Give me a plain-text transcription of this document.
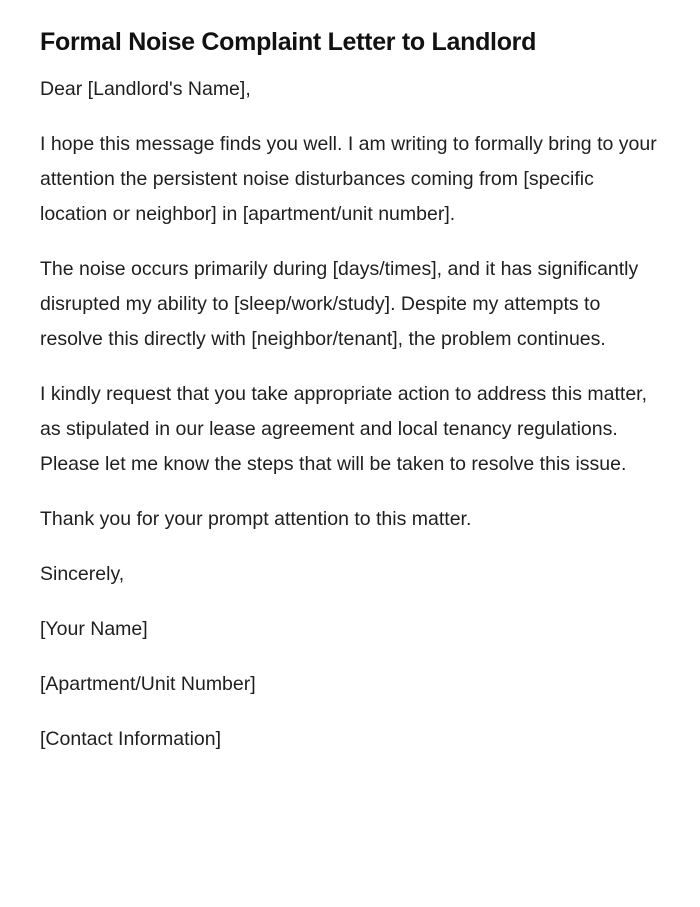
Formal Noise Complaint Letter to Landlord

Dear [Landlord's Name],

I hope this message finds you well. I am writing to formally bring to your attention the persistent noise disturbances coming from [specific location or neighbor] in [apartment/unit number].

The noise occurs primarily during [days/times], and it has significantly disrupted my ability to [sleep/work/study]. Despite my attempts to resolve this directly with [neighbor/tenant], the problem continues.

I kindly request that you take appropriate action to address this matter, as stipulated in our lease agreement and local tenancy regulations. Please let me know the steps that will be taken to resolve this issue.

Thank you for your prompt attention to this matter.

Sincerely,

[Your Name]

[Apartment/Unit Number]

[Contact Information]
